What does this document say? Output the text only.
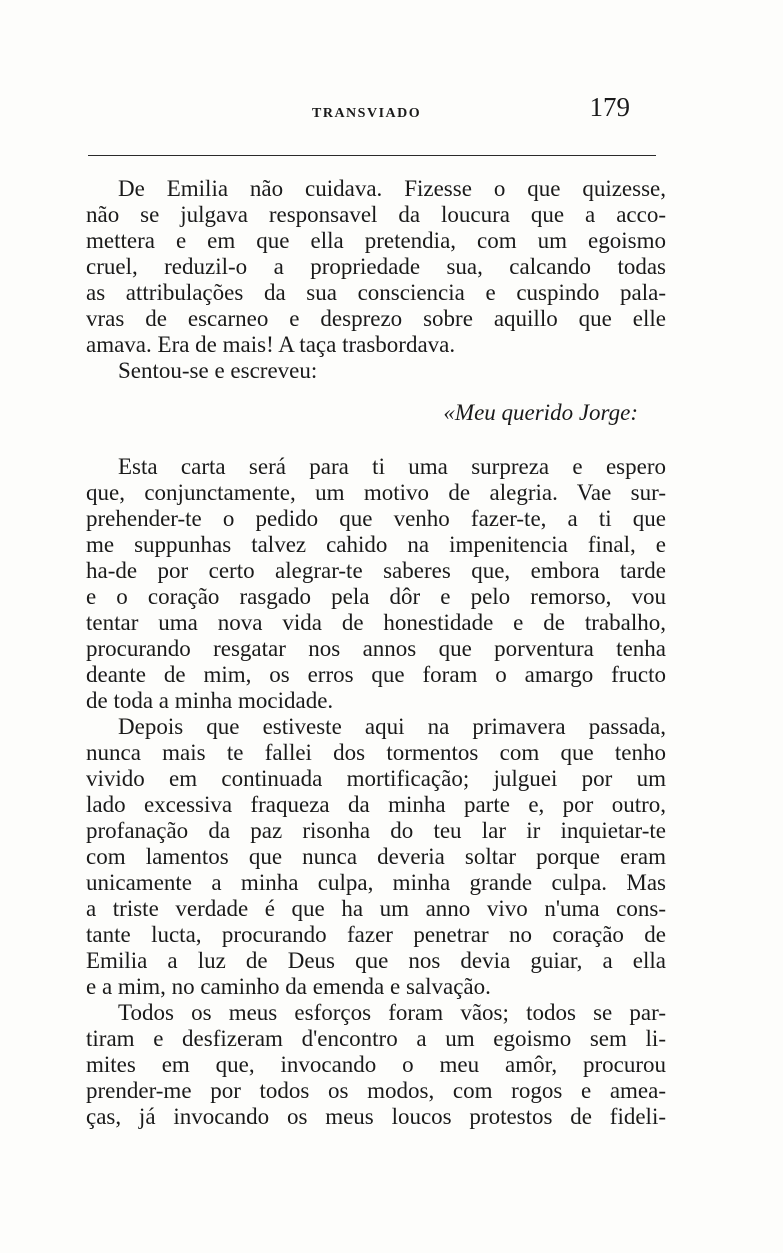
TRANSVIADO	179
De Emilia não cuidava. Fizesse o que quizesse,
não se julgava responsavel da loucura que a acco-
mettera e em que ella pretendia, com um egoismo
cruel, reduzil-o a propriedade sua, calcando todas
as attribulações da sua consciencia e cuspindo pala-
vras de escarneo e desprezo sobre aquillo que elle
amava. Era de mais! A taça trasbordava.
Sentou-se e escreveu:
«Meu querido Jorge:
Esta carta será para ti uma surpreza e espero
que, conjunctamente, um motivo de alegria. Vae sur-
prehender-te o pedido que venho fazer-te, a ti que
me suppunhas talvez cahido na impenitencia final, e
ha-de por certo alegrar-te saberes que, embora tarde
e o coração rasgado pela dôr e pelo remorso, vou
tentar uma nova vida de honestidade e de trabalho,
procurando resgatar nos annos que porventura tenha
deante de mim, os erros que foram o amargo fructo
de toda a minha mocidade.
Depois que estiveste aqui na primavera passada,
nunca mais te fallei dos tormentos com que tenho
vivido em continuada mortificação; julguei por um
lado excessiva fraqueza da minha parte e, por outro,
profanação da paz risonha do teu lar ir inquietar-te
com lamentos que nunca deveria soltar porque eram
unicamente a minha culpa, minha grande culpa. Mas
a triste verdade é que ha um anno vivo n'uma cons-
tante lucta, procurando fazer penetrar no coração de
Emilia a luz de Deus que nos devia guiar, a ella
e a mim, no caminho da emenda e salvação.
Todos os meus esforços foram vãos; todos se par-
tiram e desfizeram d'encontro a um egoismo sem li-
mites em que, invocando o meu amôr, procurou
prender-me por todos os modos, com rogos e amea-
ças, já invocando os meus loucos protestos de fideli-
